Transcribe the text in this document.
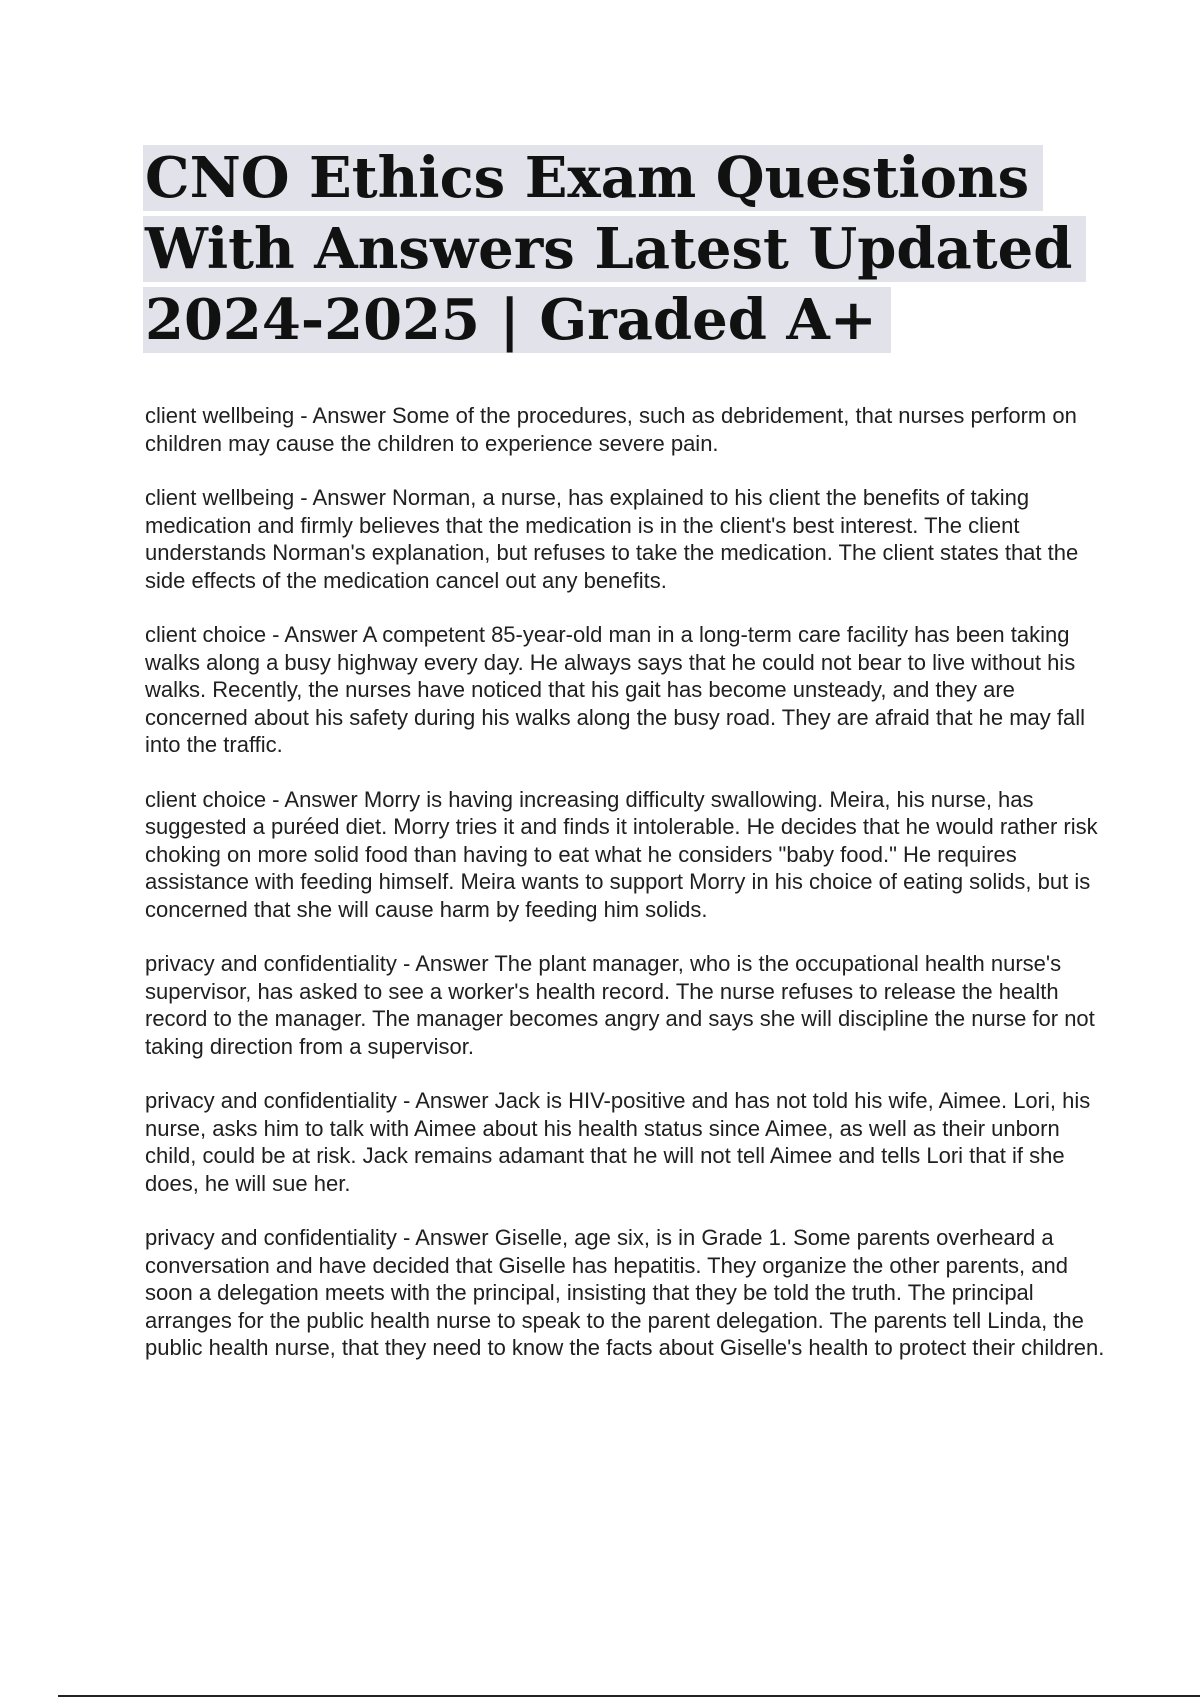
CNO Ethics Exam Questions With Answers Latest Updated 2024-2025 | Graded A+

client wellbeing - Answer Some of the procedures, such as debridement, that nurses perform on children may cause the children to experience severe pain.

client wellbeing - Answer Norman, a nurse, has explained to his client the benefits of taking medication and firmly believes that the medication is in the client's best interest. The client understands Norman's explanation, but refuses to take the medication. The client states that the side effects of the medication cancel out any benefits.

client choice - Answer A competent 85-year-old man in a long-term care facility has been taking walks along a busy highway every day. He always says that he could not bear to live without his walks. Recently, the nurses have noticed that his gait has become unsteady, and they are concerned about his safety during his walks along the busy road. They are afraid that he may fall into the traffic.

client choice - Answer Morry is having increasing difficulty swallowing. Meira, his nurse, has suggested a puréed diet. Morry tries it and finds it intolerable. He decides that he would rather risk choking on more solid food than having to eat what he considers "baby food." He requires assistance with feeding himself. Meira wants to support Morry in his choice of eating solids, but is concerned that she will cause harm by feeding him solids.

privacy and confidentiality - Answer The plant manager, who is the occupational health nurse's supervisor, has asked to see a worker's health record. The nurse refuses to release the health record to the manager. The manager becomes angry and says she will discipline the nurse for not taking direction from a supervisor.

privacy and confidentiality - Answer Jack is HIV-positive and has not told his wife, Aimee. Lori, his nurse, asks him to talk with Aimee about his health status since Aimee, as well as their unborn child, could be at risk. Jack remains adamant that he will not tell Aimee and tells Lori that if she does, he will sue her.

privacy and confidentiality - Answer Giselle, age six, is in Grade 1. Some parents overheard a conversation and have decided that Giselle has hepatitis. They organize the other parents, and soon a delegation meets with the principal, insisting that they be told the truth. The principal arranges for the public health nurse to speak to the parent delegation. The parents tell Linda, the public health nurse, that they need to know the facts about Giselle's health to protect their children.
